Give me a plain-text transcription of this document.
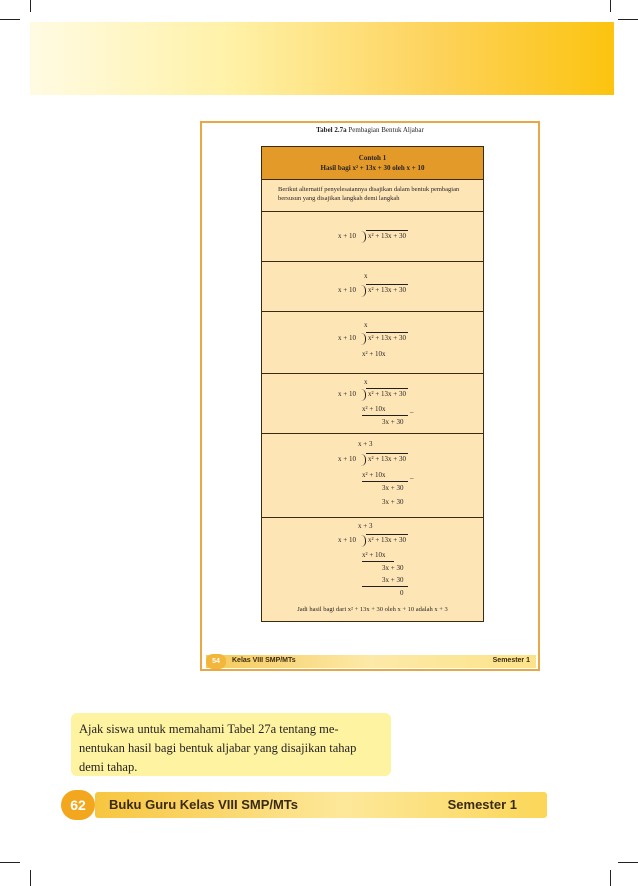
Tabel 2.7a Pembagian Bentuk Aljabar
Contoh 1
Hasil bagi x² + 13x + 30 oleh x + 10
Berikut alternatif penyelesaiannya disajikan dalam bentuk pembagian bersusun yang disajikan langkah demi langkah
x + 10 x² + 13x + 30
x
x + 10 x² + 13x + 30
x
x + 10 x² + 13x + 30
x² + 10x
x
x + 10 x² + 13x + 30
x² + 10x	–
3x + 30
x + 3
x + 10 x² + 13x + 30
x² + 10x	–
3x + 30
3x + 30
x + 3
x + 10 x² + 13x + 30
x² + 10x
3x + 30
3x + 30
0
Jadi hasil bagi dari x² + 13x + 30 oleh x + 10 adalah x + 3
54	Kelas VIII SMP/MTs	Semester 1
Ajak siswa untuk memahami Tabel 27a tentang me-nentukan hasil bagi bentuk aljabar yang disajikan tahap demi tahap.
Buku Guru Kelas VIII SMP/MTs	Semester 1
62
